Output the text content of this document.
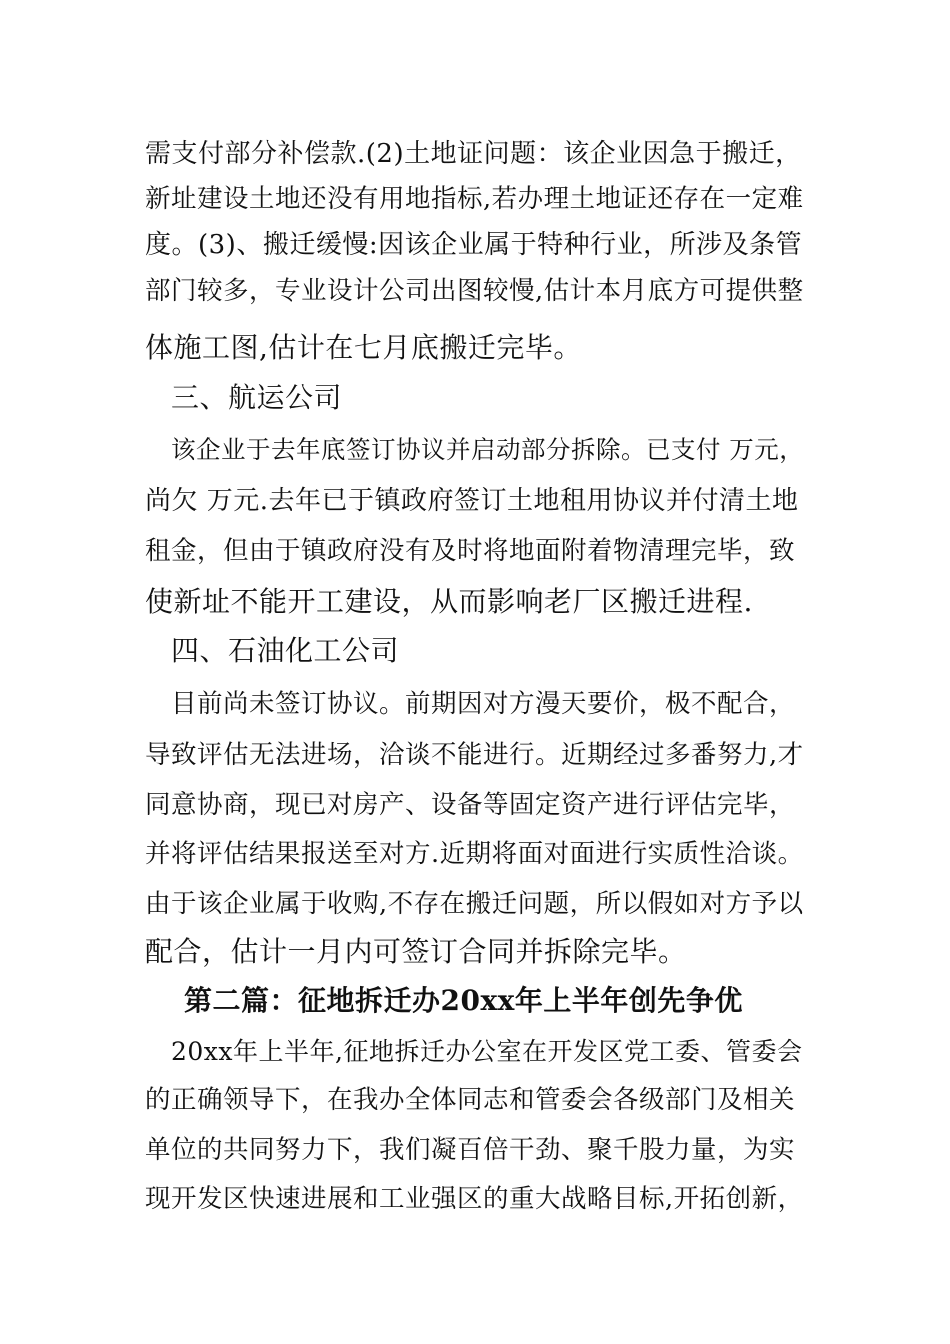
需支付部分补偿款.(2)土地证问题：该企业因急于搬迁，
新址建设土地还没有用地指标,若办理土地证还存在一定难
度。(3)、搬迁缓慢:因该企业属于特种行业，所涉及条管
部门较多，专业设计公司出图较慢,估计本月底方可提供整
体施工图,估计在七月底搬迁完毕。
三、航运公司
该企业于去年底签订协议并启动部分拆除。已支付 万元，
尚欠 万元.去年已于镇政府签订土地租用协议并付清土地
租金，但由于镇政府没有及时将地面附着物清理完毕，致
使新址不能开工建设，从而影响老厂区搬迁进程.
四、石油化工公司
目前尚未签订协议。前期因对方漫天要价，极不配合，
导致评估无法进场，洽谈不能进行。近期经过多番努力,才
同意协商，现已对房产、设备等固定资产进行评估完毕，
并将评估结果报送至对方.近期将面对面进行实质性洽谈。
由于该企业属于收购,不存在搬迁问题，所以假如对方予以
配合，估计一月内可签订合同并拆除完毕。
第二篇：征地拆迁办20xx年上半年创先争优
20xx年上半年,征地拆迁办公室在开发区党工委、管委会
的正确领导下，在我办全体同志和管委会各级部门及相关
单位的共同努力下，我们凝百倍干劲、聚千股力量，为实
现开发区快速进展和工业强区的重大战略目标,开拓创新，
